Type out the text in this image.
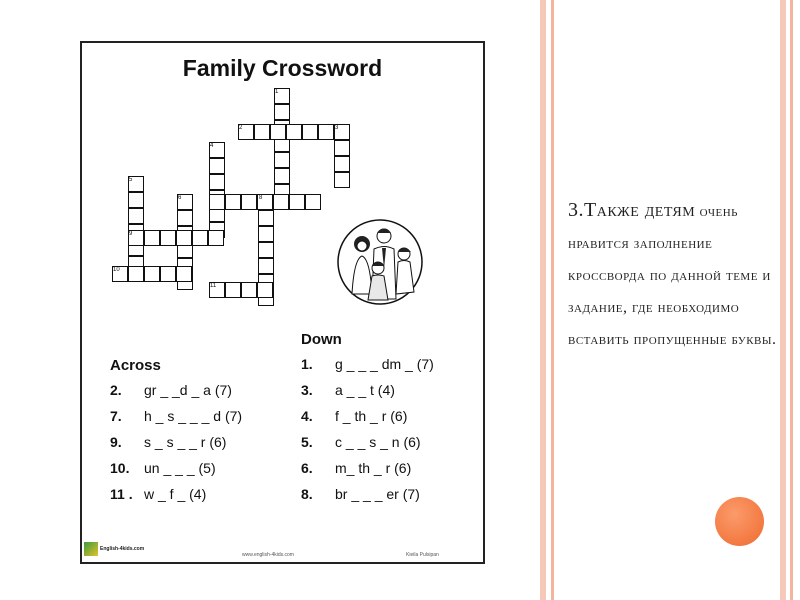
Family Crossword
1
2	3
4
5
6	8
9
10
11
Across
Down
2. gr _ _d _ a (7)
7. h _ s _ _ _ d (7)
9. s _ s _ _ r (6)
10. un _ _ _ (5)
11 . w _ f _ (4)
1. g _ _ _ dm _ (7)
3. a _ _ t (4)
4. f _ th _ r (6)
5. c _ _ s _ n (6)
6. m_ th _ r (6)
8. br _ _ _ er (7)
English-4kids.com
www.english-4kids.com	Kieila Pulsipan
3.Также детям очень нравится заполнение кроссворда по данной теме и задание, где необходимо вставить пропущенные буквы.
